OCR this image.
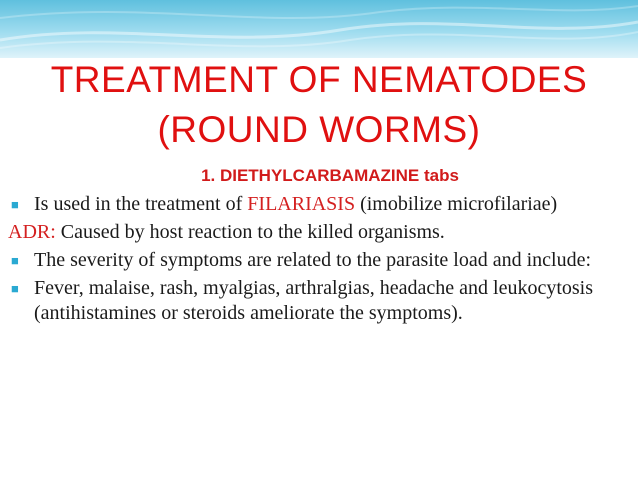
TREATMENT OF NEMATODES
(ROUND WORMS)
1. DIETHYLCARBAMAZINE tabs

■ Is used in the treatment of FILARIASIS (imobilize microfilariae)

ADR: Caused by host reaction to the killed organisms.

■ The severity of symptoms are related to the parasite load and include:

■ Fever, malaise, rash, myalgias, arthralgias, headache and leukocytosis (antihistamines or steroids ameliorate the symptoms).
